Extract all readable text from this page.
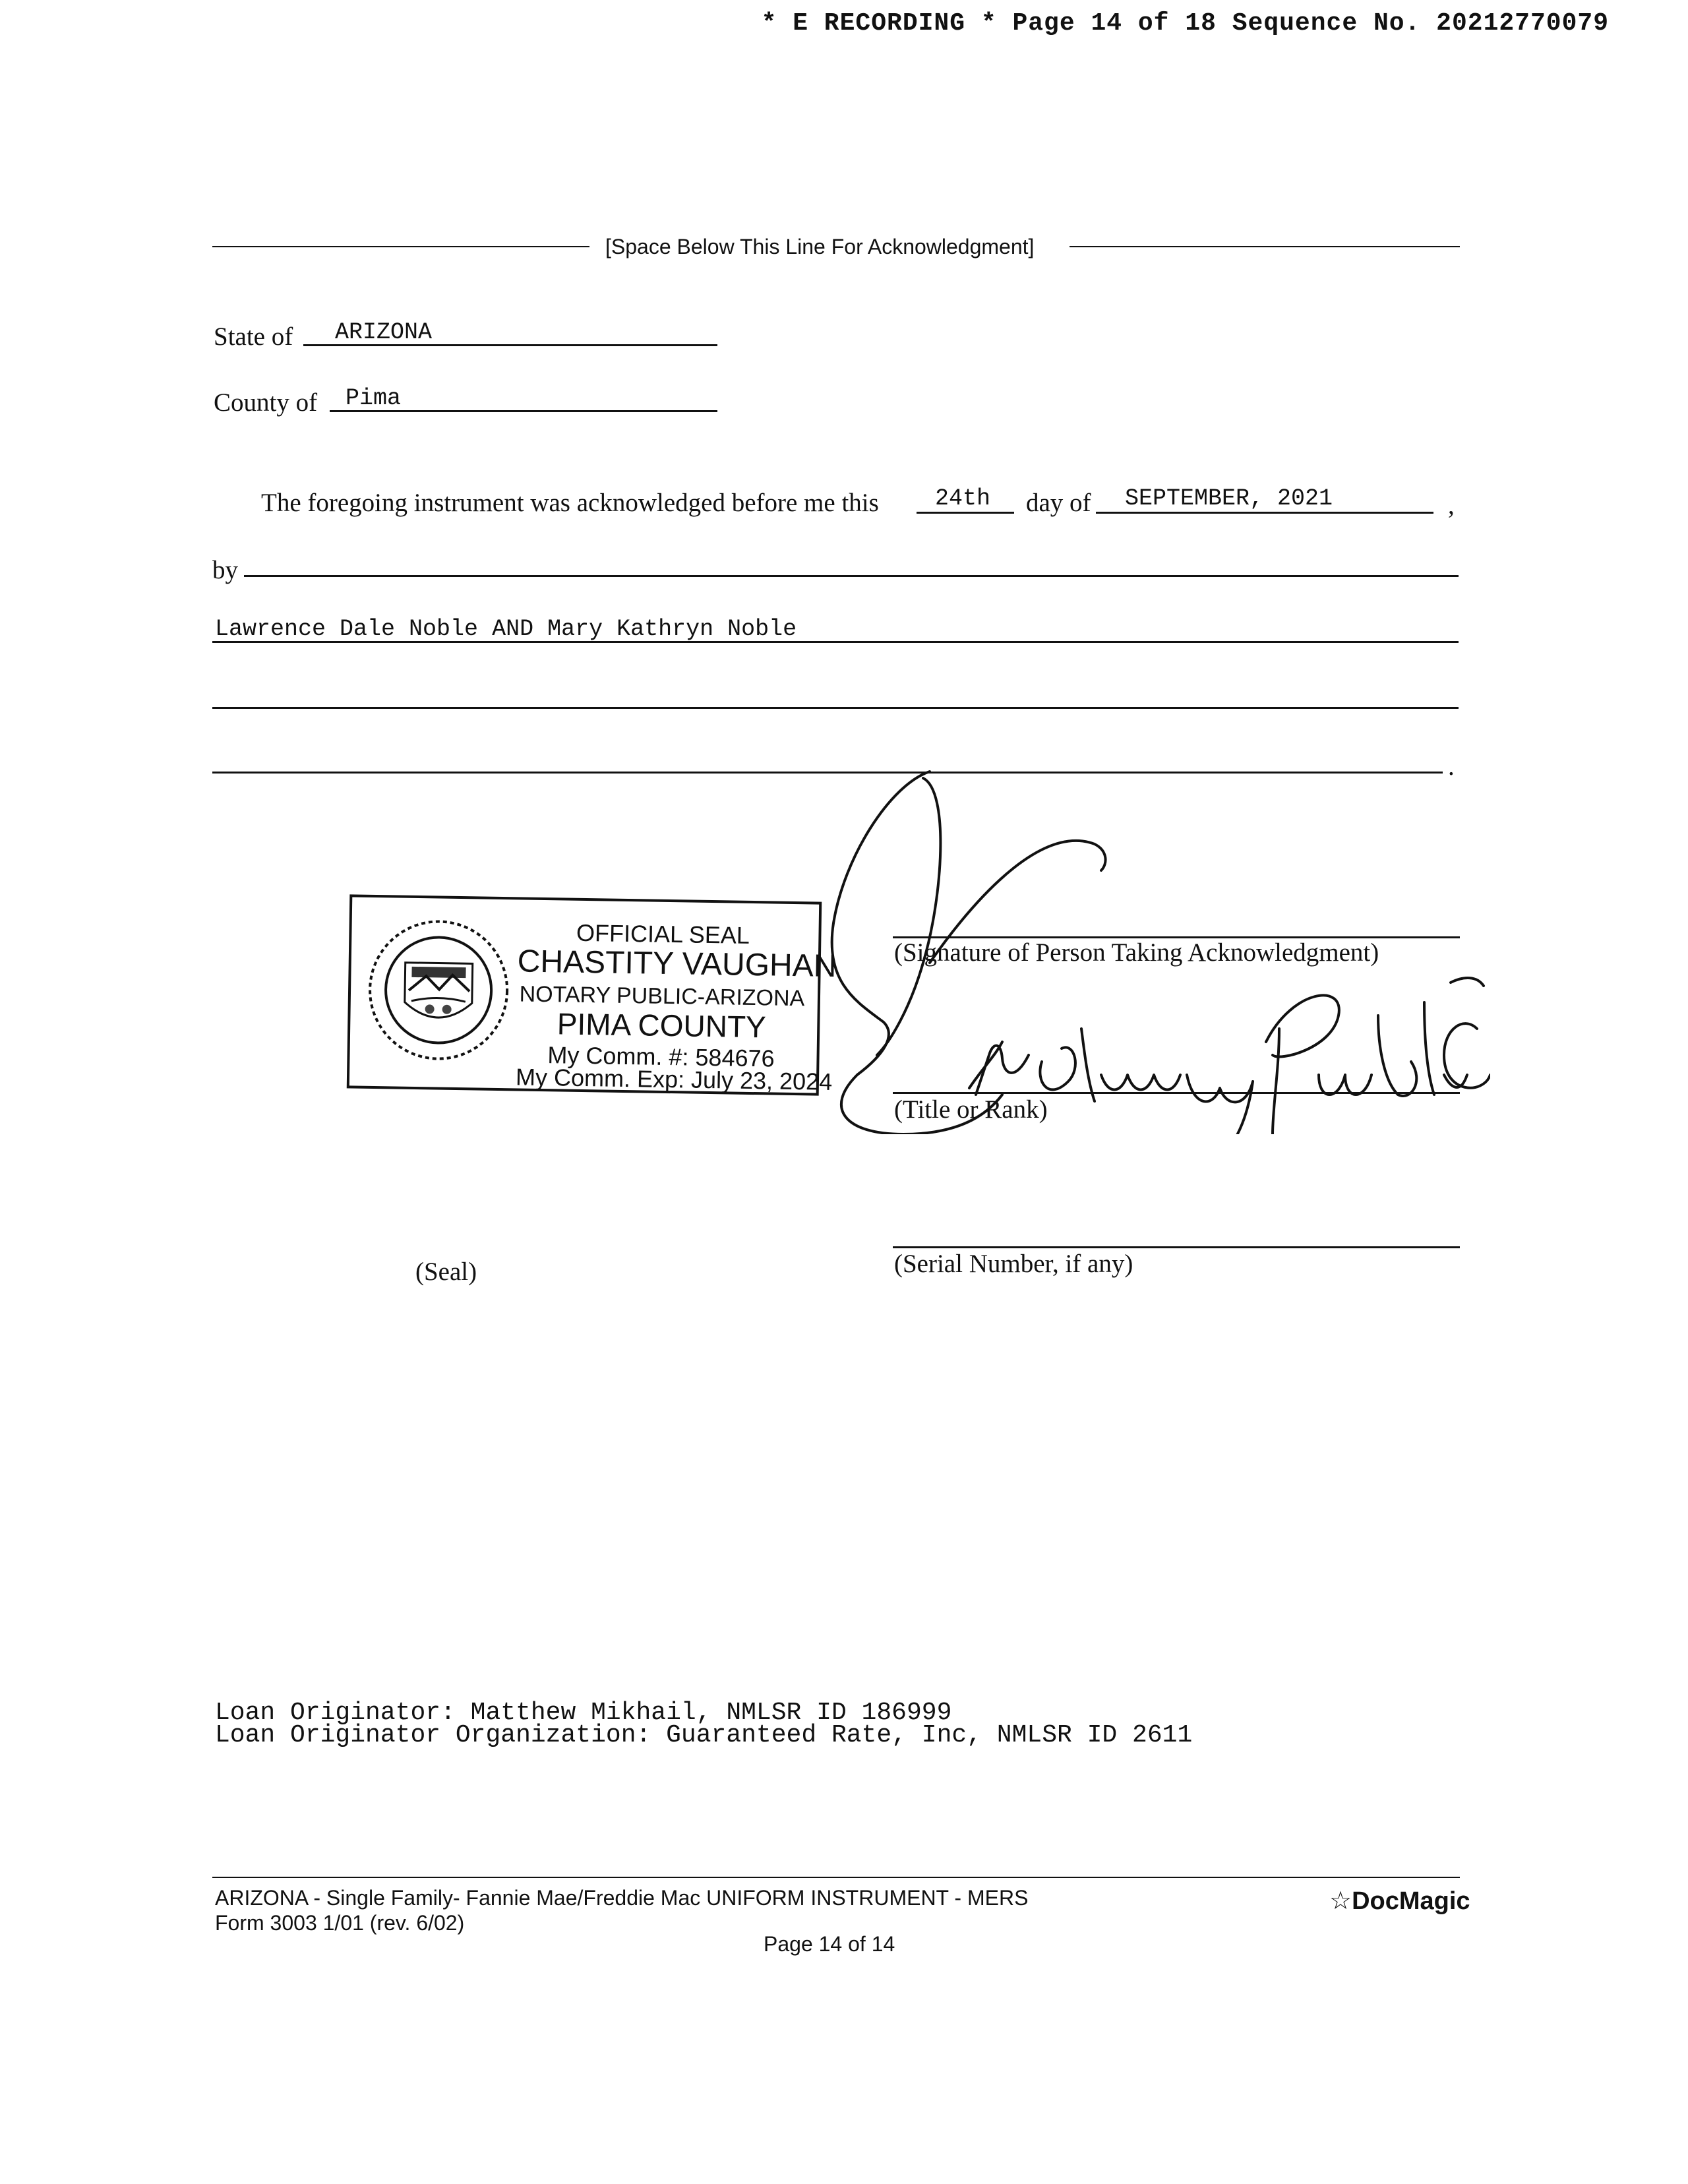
* E RECORDING * Page 14 of 18 Sequence No. 20212770079
[Space Below This Line For Acknowledgment]
State of ARIZONA
County of Pima
The foregoing instrument was acknowledged before me this 24th day of SEPTEMBER, 2021	,
by
Lawrence Dale Noble AND Mary Kathryn Noble
.
OFFICIAL SEAL
CHASTITY VAUGHAN
NOTARY PUBLIC-ARIZONA
PIMA COUNTY
My Comm. #: 584676
My Comm. Exp: July 23, 2024
(Signature of Person Taking Acknowledgment)
(Title or Rank)
(Serial Number, if any)
(Seal)
Loan Originator: Matthew Mikhail, NMLSR ID 186999
Loan Originator Organization: Guaranteed Rate, Inc, NMLSR ID 2611
ARIZONA - Single Family- Fannie Mae/Freddie Mac UNIFORM INSTRUMENT - MERS
Form 3003 1/01 (rev. 6/02)
Page 14 of 14
☆DocMagic
